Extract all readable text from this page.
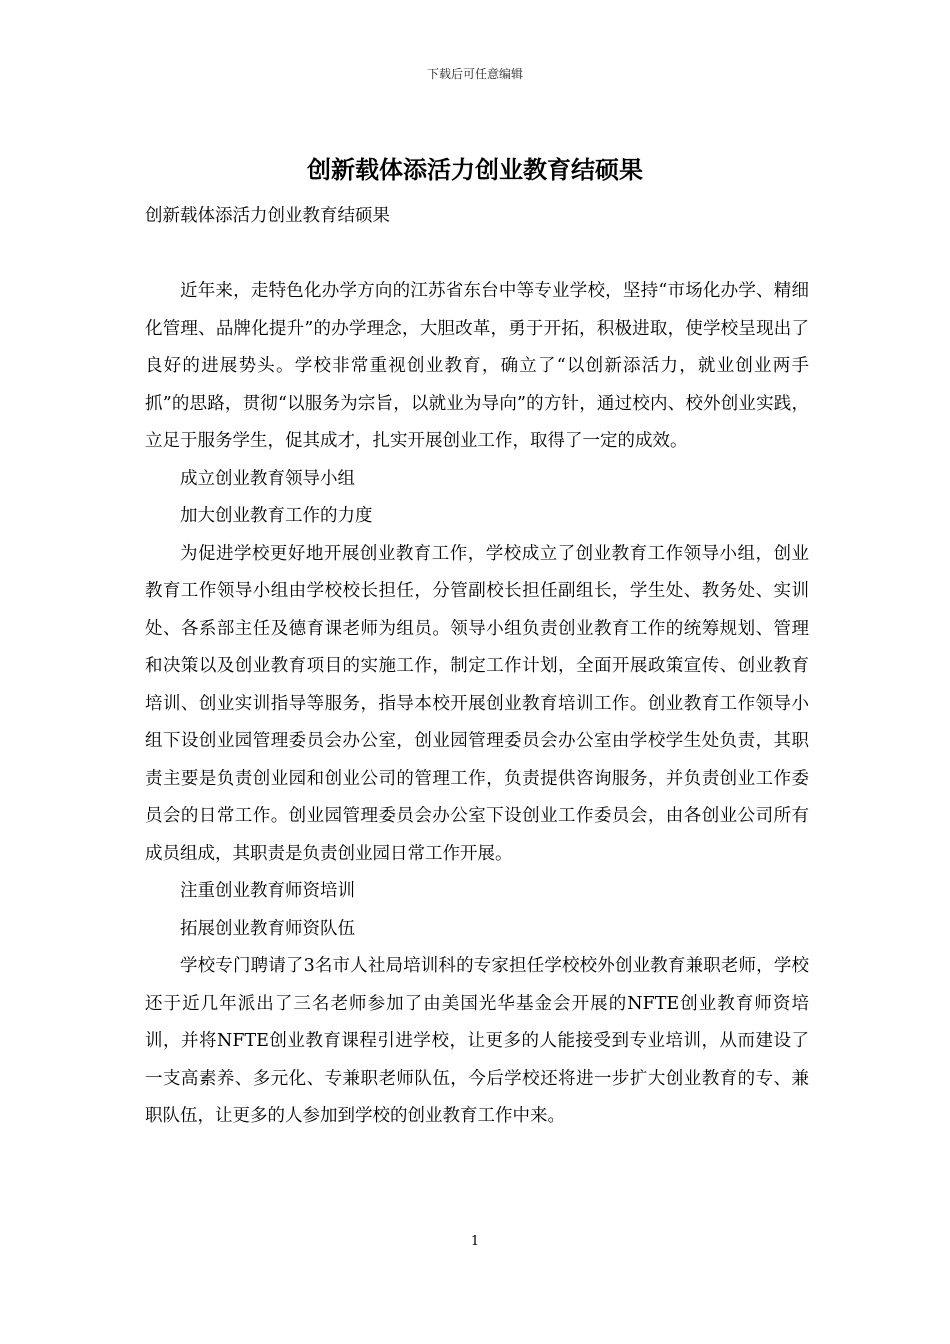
下载后可任意编辑
创新载体添活力创业教育结硕果

创新载体添活力创业教育结硕果

近年来，走特色化办学方向的江苏省东台中等专业学校，坚持“市场化办学、精细化管理、品牌化提升”的办学理念，大胆改革，勇于开拓，积极进取，使学校呈现出了良好的进展势头。学校非常重视创业教育，确立了“以创新添活力，就业创业两手抓”的思路，贯彻“以服务为宗旨，以就业为导向”的方针，通过校内、校外创业实践，立足于服务学生，促其成才，扎实开展创业工作，取得了一定的成效。

成立创业教育领导小组

加大创业教育工作的力度

为促进学校更好地开展创业教育工作，学校成立了创业教育工作领导小组，创业教育工作领导小组由学校校长担任，分管副校长担任副组长，学生处、教务处、实训处、各系部主任及德育课老师为组员。领导小组负责创业教育工作的统筹规划、管理和决策以及创业教育项目的实施工作，制定工作计划，全面开展政策宣传、创业教育培训、创业实训指导等服务，指导本校开展创业教育培训工作。创业教育工作领导小组下设创业园管理委员会办公室，创业园管理委员会办公室由学校学生处负责，其职责主要是负责创业园和创业公司的管理工作，负责提供咨询服务，并负责创业工作委员会的日常工作。创业园管理委员会办公室下设创业工作委员会，由各创业公司所有成员组成，其职责是负责创业园日常工作开展。

注重创业教育师资培训

拓展创业教育师资队伍

学校专门聘请了3名市人社局培训科的专家担任学校校外创业教育兼职老师，学校还于近几年派出了三名老师参加了由美国光华基金会开展的NFTE创业教育师资培训，并将NFTE创业教育课程引进学校，让更多的人能接受到专业培训，从而建设了一支高素养、多元化、专兼职老师队伍，今后学校还将进一步扩大创业教育的专、兼职队伍，让更多的人参加到学校的创业教育工作中来。

1
